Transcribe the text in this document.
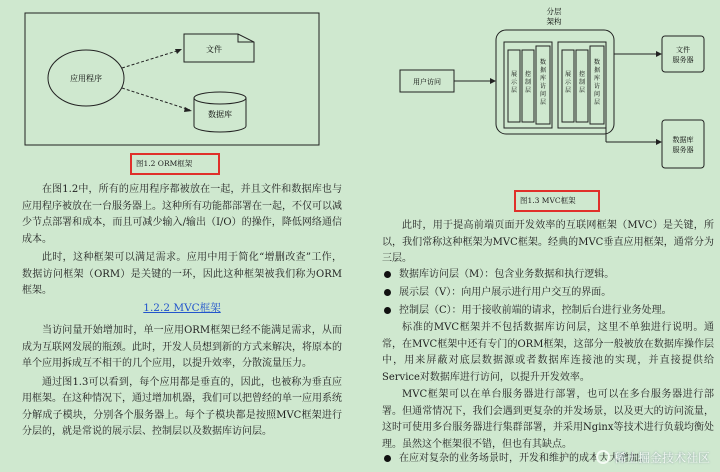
应用程序
文件
数据库
图1.2 ORM框架

在图1.2中，所有的应用程序都被放在一起，并且文件和数据库也与应用程序被放在一台服务器上。这种所有功能都部署在一起，不仅可以减少节点部署和成本，而且可减少输入/输出（I/O）的操作，降低网络通信成本。

此时，这种框架可以满足需求。应用中用于简化“增删改查”工作，数据访问框架（ORM）是关键的一环，因此这种框架被我们称为ORM框架。

1.2.2 MVC框架

当访问量开始增加时，单一应用ORM框架已经不能满足需求，从而成为互联网发展的瓶颈。此时，开发人员想到新的方式来解决，将原本的单个应用拆成互不相干的几个应用，以提升效率，分散流量压力。

通过图1.3可以看到，每个应用都是垂直的，因此，也被称为垂直应用框架。在这种情况下，通过增加机器，我们可以把曾经的单一应用系统分解成子模块，分别各个服务器上。每个子模块都是按照MVC框架进行分层的，就是常说的展示层、控制层以及数据库访问层。

分层
架构
用户访问
展
示
层
控
制
层
数
据
库
访
问
层
展
示
层
控
制
层
数
据
库
访
问
层
文件
服务器
数据库
服务器
图1.3 MVC框架

此时，用于提高前端页面开发效率的互联网框架（MVC）是关键，所以，我们常称这种框架为MVC框架。经典的MVC垂直应用框架，通常分为三层。

数据库访问层（M）：包含业务数据和执行逻辑。
展示层（V）：向用户展示进行用户交互的界面。
控制层（C）：用于接收前端的请求，控制后台进行业务处理。

标准的MVC框架并不包括数据库访问层，这里不单独进行说明。通常，在MVC框架中还有专门的ORM框架，这部分一般被放在数据库操作层中，用来屏蔽对底层数据源或者数据库连接池的实现，并直接提供给Service对数据库进行访问，以提升开发效率。

MVC框架可以在单台服务器进行部署，也可以在多台服务器进行部署。但通常情况下，我们会遇到更复杂的并发场景，以及更大的访问流量，这时可使用多台服务器进行集群部署，并采用Nginx等技术进行负载均衡处理。虽然这个框架很不错，但也有其缺点。

在应对复杂的业务场景时，开发和维护的成本大大增加。
稀土掘金技术社区
